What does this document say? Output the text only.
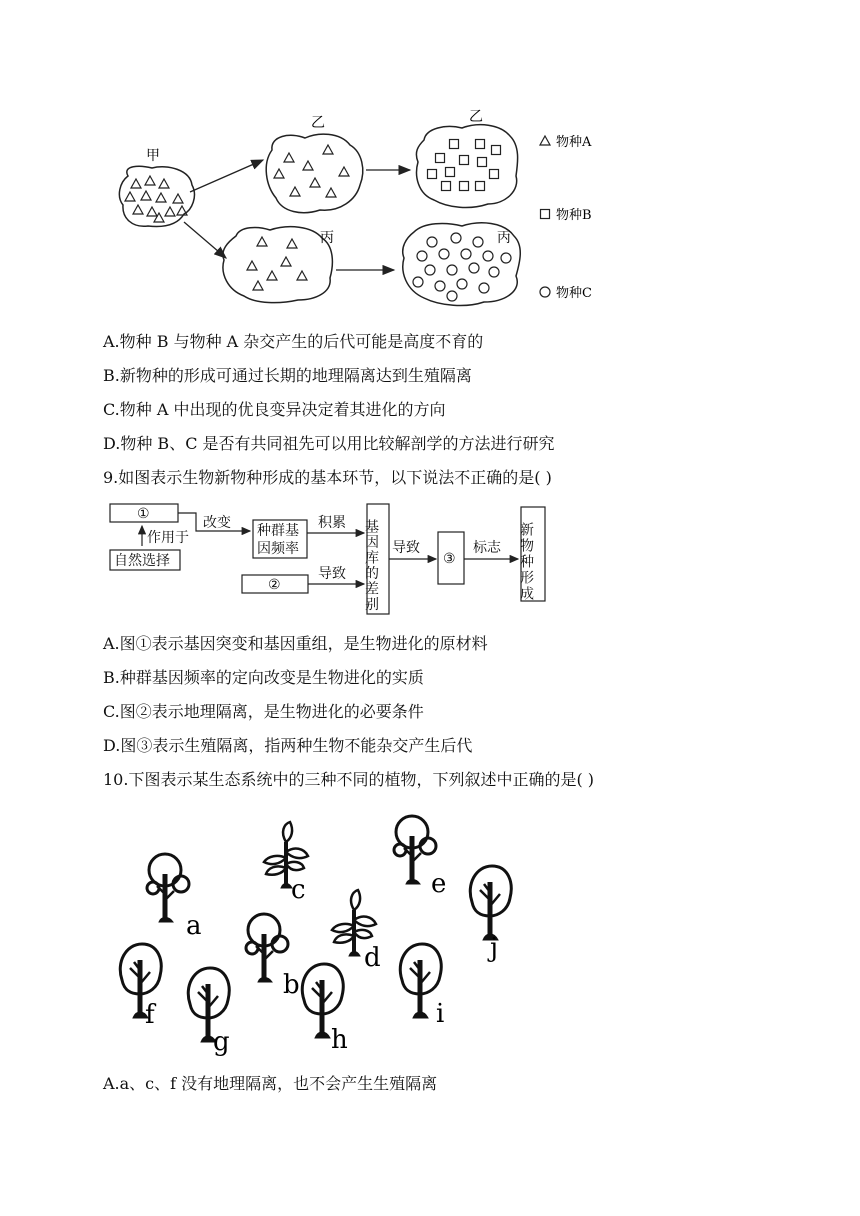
甲
乙	乙
丙	丙
物种A
物种B
物种C
A.物种 B 与物种 A 杂交产生的后代可能是高度不育的
B.新物种的形成可通过长期的地理隔离达到生殖隔离
C.物种 A 中出现的优良变异决定着其进化的方向
D.物种 B、C 是否有共同祖先可以用比较解剖学的方法进行研究
9.如图表示生物新物种形成的基本环节，以下说法不正确的是( )
①
作用于
自然选择
改变 种群基
因频率
积累 基因库的差别
②
导致
导致
③
标志 新物种形成
A.图①表示基因突变和基因重组，是生物进化的原材料
B.种群基因频率的定向改变是生物进化的实质
C.图②表示地理隔离，是生物进化的必要条件
D.图③表示生殖隔离，指两种生物不能杂交产生后代
10.下图表示某生态系统中的三种不同的植物，下列叙述中正确的是( )
a
c	e
j
d
b
f
g	h
i
A.a、c、f 没有地理隔离，也不会产生生殖隔离
